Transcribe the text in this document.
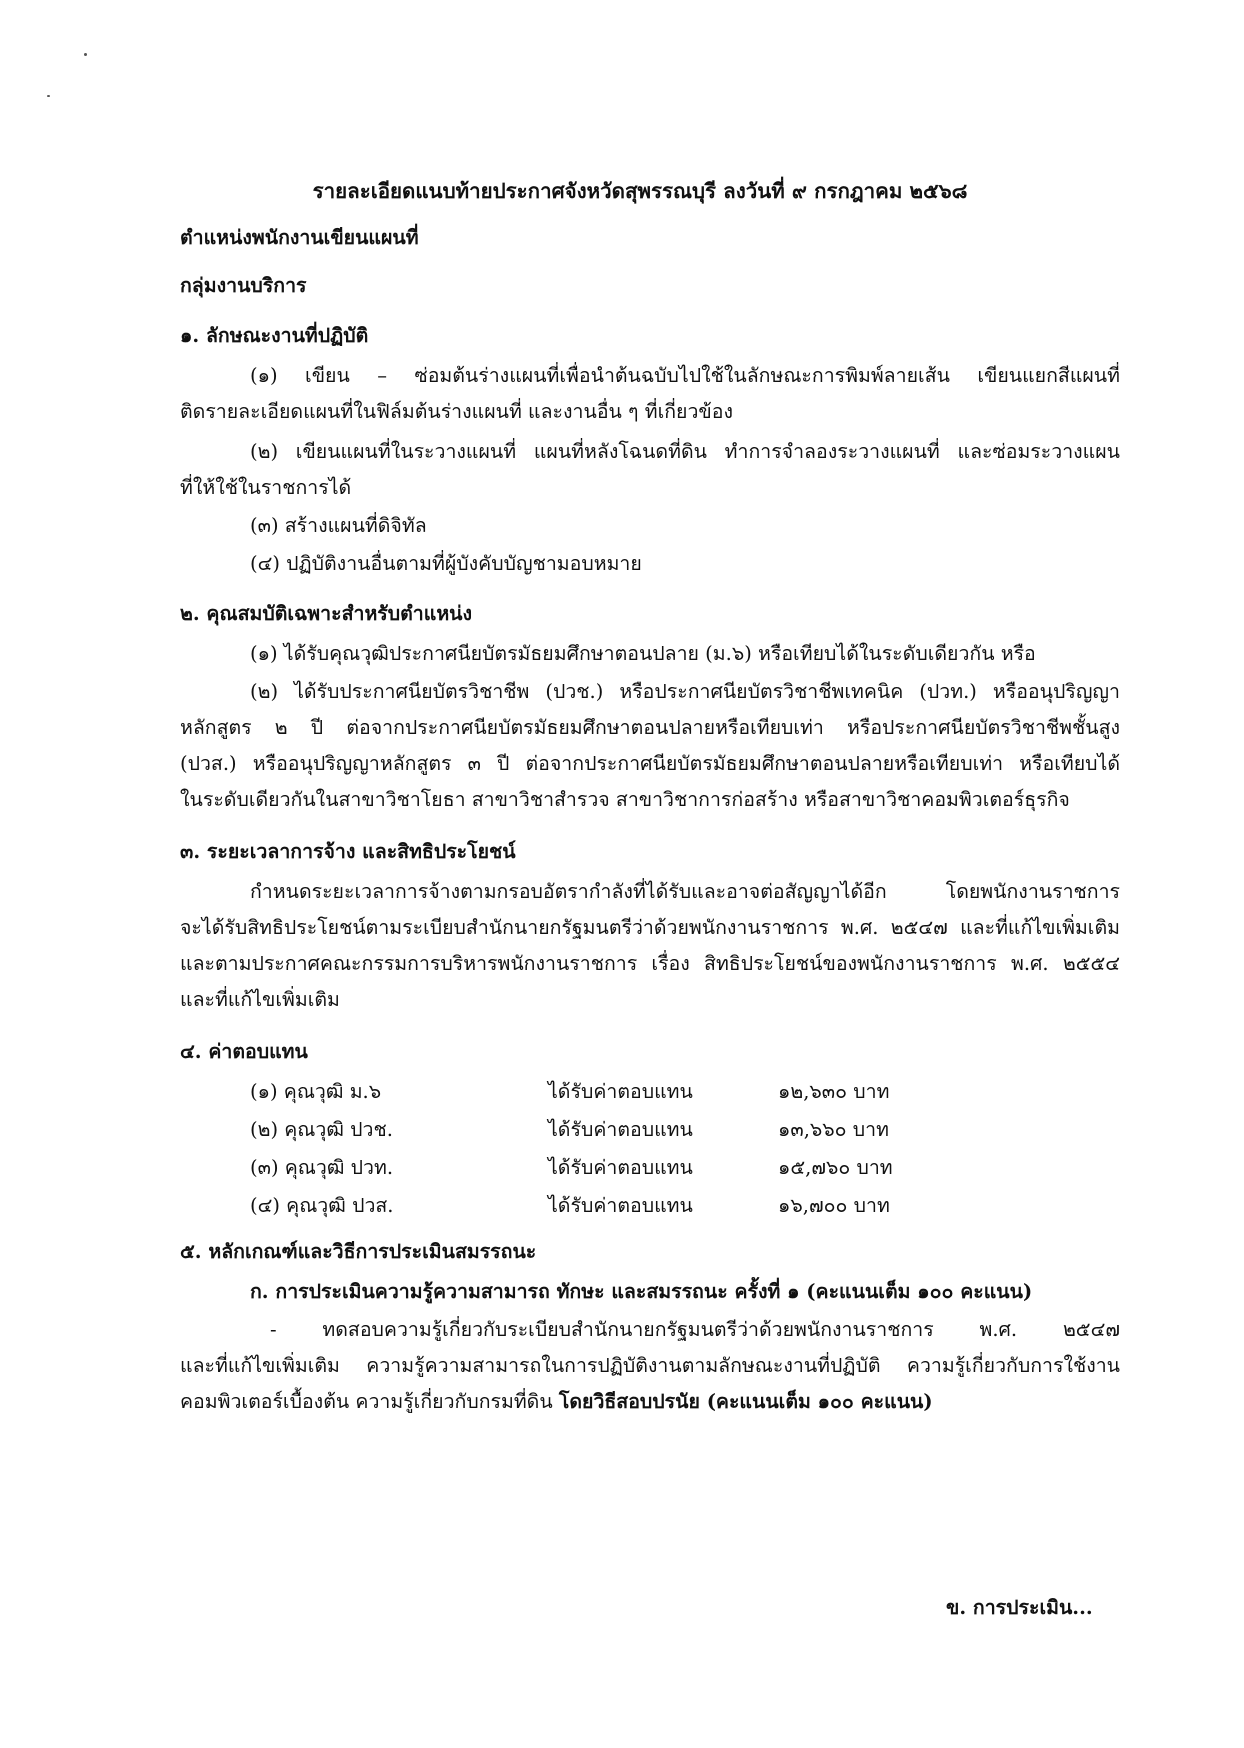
รายละเอียดแนบท้ายประกาศจังหวัดสุพรรณบุรี ลงวันที่ ๙ กรกฎาคม ๒๕๖๘
ตำแหน่งพนักงานเขียนแผนที่
กลุ่มงานบริการ
๑. ลักษณะงานที่ปฏิบัติ
(๑) เขียน – ซ่อมต้นร่างแผนที่เพื่อนำต้นฉบับไปใช้ในลักษณะการพิมพ์ลายเส้น เขียนแยกสีแผนที่
ติดรายละเอียดแผนที่ในฟิล์มต้นร่างแผนที่ และงานอื่น ๆ ที่เกี่ยวข้อง
(๒) เขียนแผนที่ในระวางแผนที่ แผนที่หลังโฉนดที่ดิน ทำการจำลองระวางแผนที่ และซ่อมระวางแผน
ที่ให้ใช้ในราชการได้
(๓) สร้างแผนที่ดิจิทัล
(๔) ปฏิบัติงานอื่นตามที่ผู้บังคับบัญชามอบหมาย
๒. คุณสมบัติเฉพาะสำหรับตำแหน่ง
(๑) ได้รับคุณวุฒิประกาศนียบัตรมัธยมศึกษาตอนปลาย (ม.๖) หรือเทียบได้ในระดับเดียวกัน หรือ
(๒) ได้รับประกาศนียบัตรวิชาชีพ (ปวช.) หรือประกาศนียบัตรวิชาชีพเทคนิค (ปวท.) หรืออนุปริญญา
หลักสูตร ๒ ปี ต่อจากประกาศนียบัตรมัธยมศึกษาตอนปลายหรือเทียบเท่า หรือประกาศนียบัตรวิชาชีพชั้นสูง
(ปวส.) หรืออนุปริญญาหลักสูตร ๓ ปี ต่อจากประกาศนียบัตรมัธยมศึกษาตอนปลายหรือเทียบเท่า หรือเทียบได้
ในระดับเดียวกันในสาขาวิชาโยธา สาขาวิชาสำรวจ สาขาวิชาการก่อสร้าง หรือสาขาวิชาคอมพิวเตอร์ธุรกิจ
๓. ระยะเวลาการจ้าง และสิทธิประโยชน์
กำหนดระยะเวลาการจ้างตามกรอบอัตรากำลังที่ได้รับและอาจต่อสัญญาได้อีก โดยพนักงานราชการ
จะได้รับสิทธิประโยชน์ตามระเบียบสำนักนายกรัฐมนตรีว่าด้วยพนักงานราชการ พ.ศ. ๒๕๔๗ และที่แก้ไขเพิ่มเติม
และตามประกาศคณะกรรมการบริหารพนักงานราชการ เรื่อง สิทธิประโยชน์ของพนักงานราชการ พ.ศ. ๒๕๕๔
และที่แก้ไขเพิ่มเติม
๔. ค่าตอบแทน
(๑) คุณวุฒิ ม.๖	ได้รับค่าตอบแทน	๑๒,๖๓๐ บาท
(๒) คุณวุฒิ ปวช.	ได้รับค่าตอบแทน	๑๓,๖๖๐ บาท
(๓) คุณวุฒิ ปวท.	ได้รับค่าตอบแทน	๑๕,๗๖๐ บาท
(๔) คุณวุฒิ ปวส.	ได้รับค่าตอบแทน	๑๖,๗๐๐ บาท
๕. หลักเกณฑ์และวิธีการประเมินสมรรถนะ
ก. การประเมินความรู้ความสามารถ ทักษะ และสมรรถนะ ครั้งที่ ๑ (คะแนนเต็ม ๑๐๐ คะแนน)
- ทดสอบความรู้เกี่ยวกับระเบียบสำนักนายกรัฐมนตรีว่าด้วยพนักงานราชการ พ.ศ. ๒๕๔๗
และที่แก้ไขเพิ่มเติม ความรู้ความสามารถในการปฏิบัติงานตามลักษณะงานที่ปฏิบัติ ความรู้เกี่ยวกับการใช้งาน
คอมพิวเตอร์เบื้องต้น ความรู้เกี่ยวกับกรมที่ดิน โดยวิธีสอบปรนัย (คะแนนเต็ม ๑๐๐ คะแนน)
ข. การประเมิน...
